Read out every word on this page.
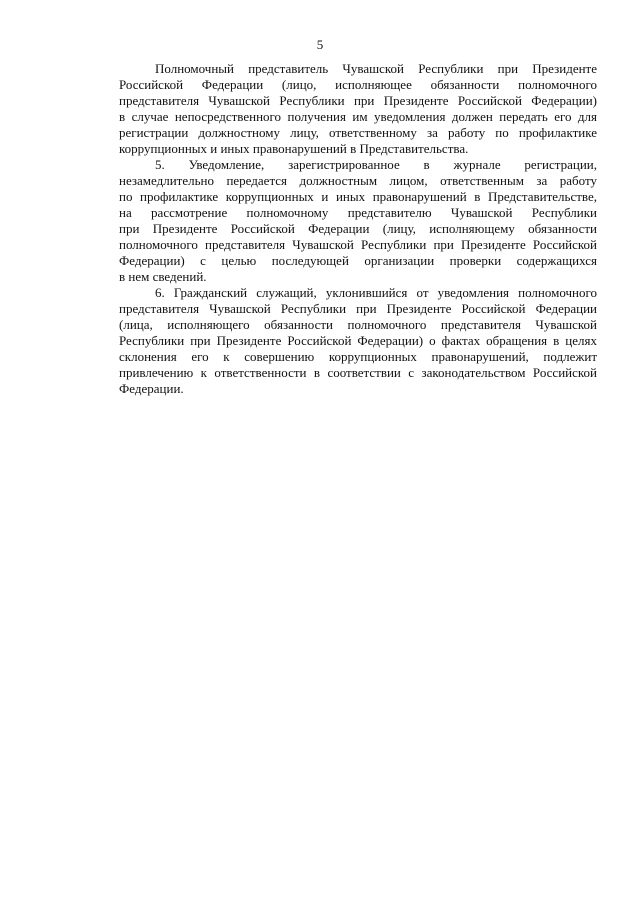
5
Полномочный представитель Чувашской Республики при Президенте
Российской Федерации (лицо, исполняющее обязанности полномочного
представителя Чувашской Республики при Президенте Российской Федерации)
в случае непосредственного получения им уведомления должен передать его для
регистрации должностному лицу, ответственному за работу по профилактике
коррупционных и иных правонарушений в Представительства.
5. Уведомление, зарегистрированное в журнале регистрации,
незамедлительно передается должностным лицом, ответственным за работу
по профилактике коррупционных и иных правонарушений в Представительстве,
на рассмотрение полномочному представителю Чувашской Республики
при Президенте Российской Федерации (лицу, исполняющему обязанности
полномочного представителя Чувашской Республики при Президенте Российской
Федерации) с целью последующей организации проверки содержащихся
в нем сведений.
6. Гражданский служащий, уклонившийся от уведомления полномочного
представителя Чувашской Республики при Президенте Российской Федерации
(лица, исполняющего обязанности полномочного представителя Чувашской
Республики при Президенте Российской Федерации) о фактах обращения в целях
склонения его к совершению коррупционных правонарушений, подлежит
привлечению к ответственности в соответствии с законодательством Российской
Федерации.
